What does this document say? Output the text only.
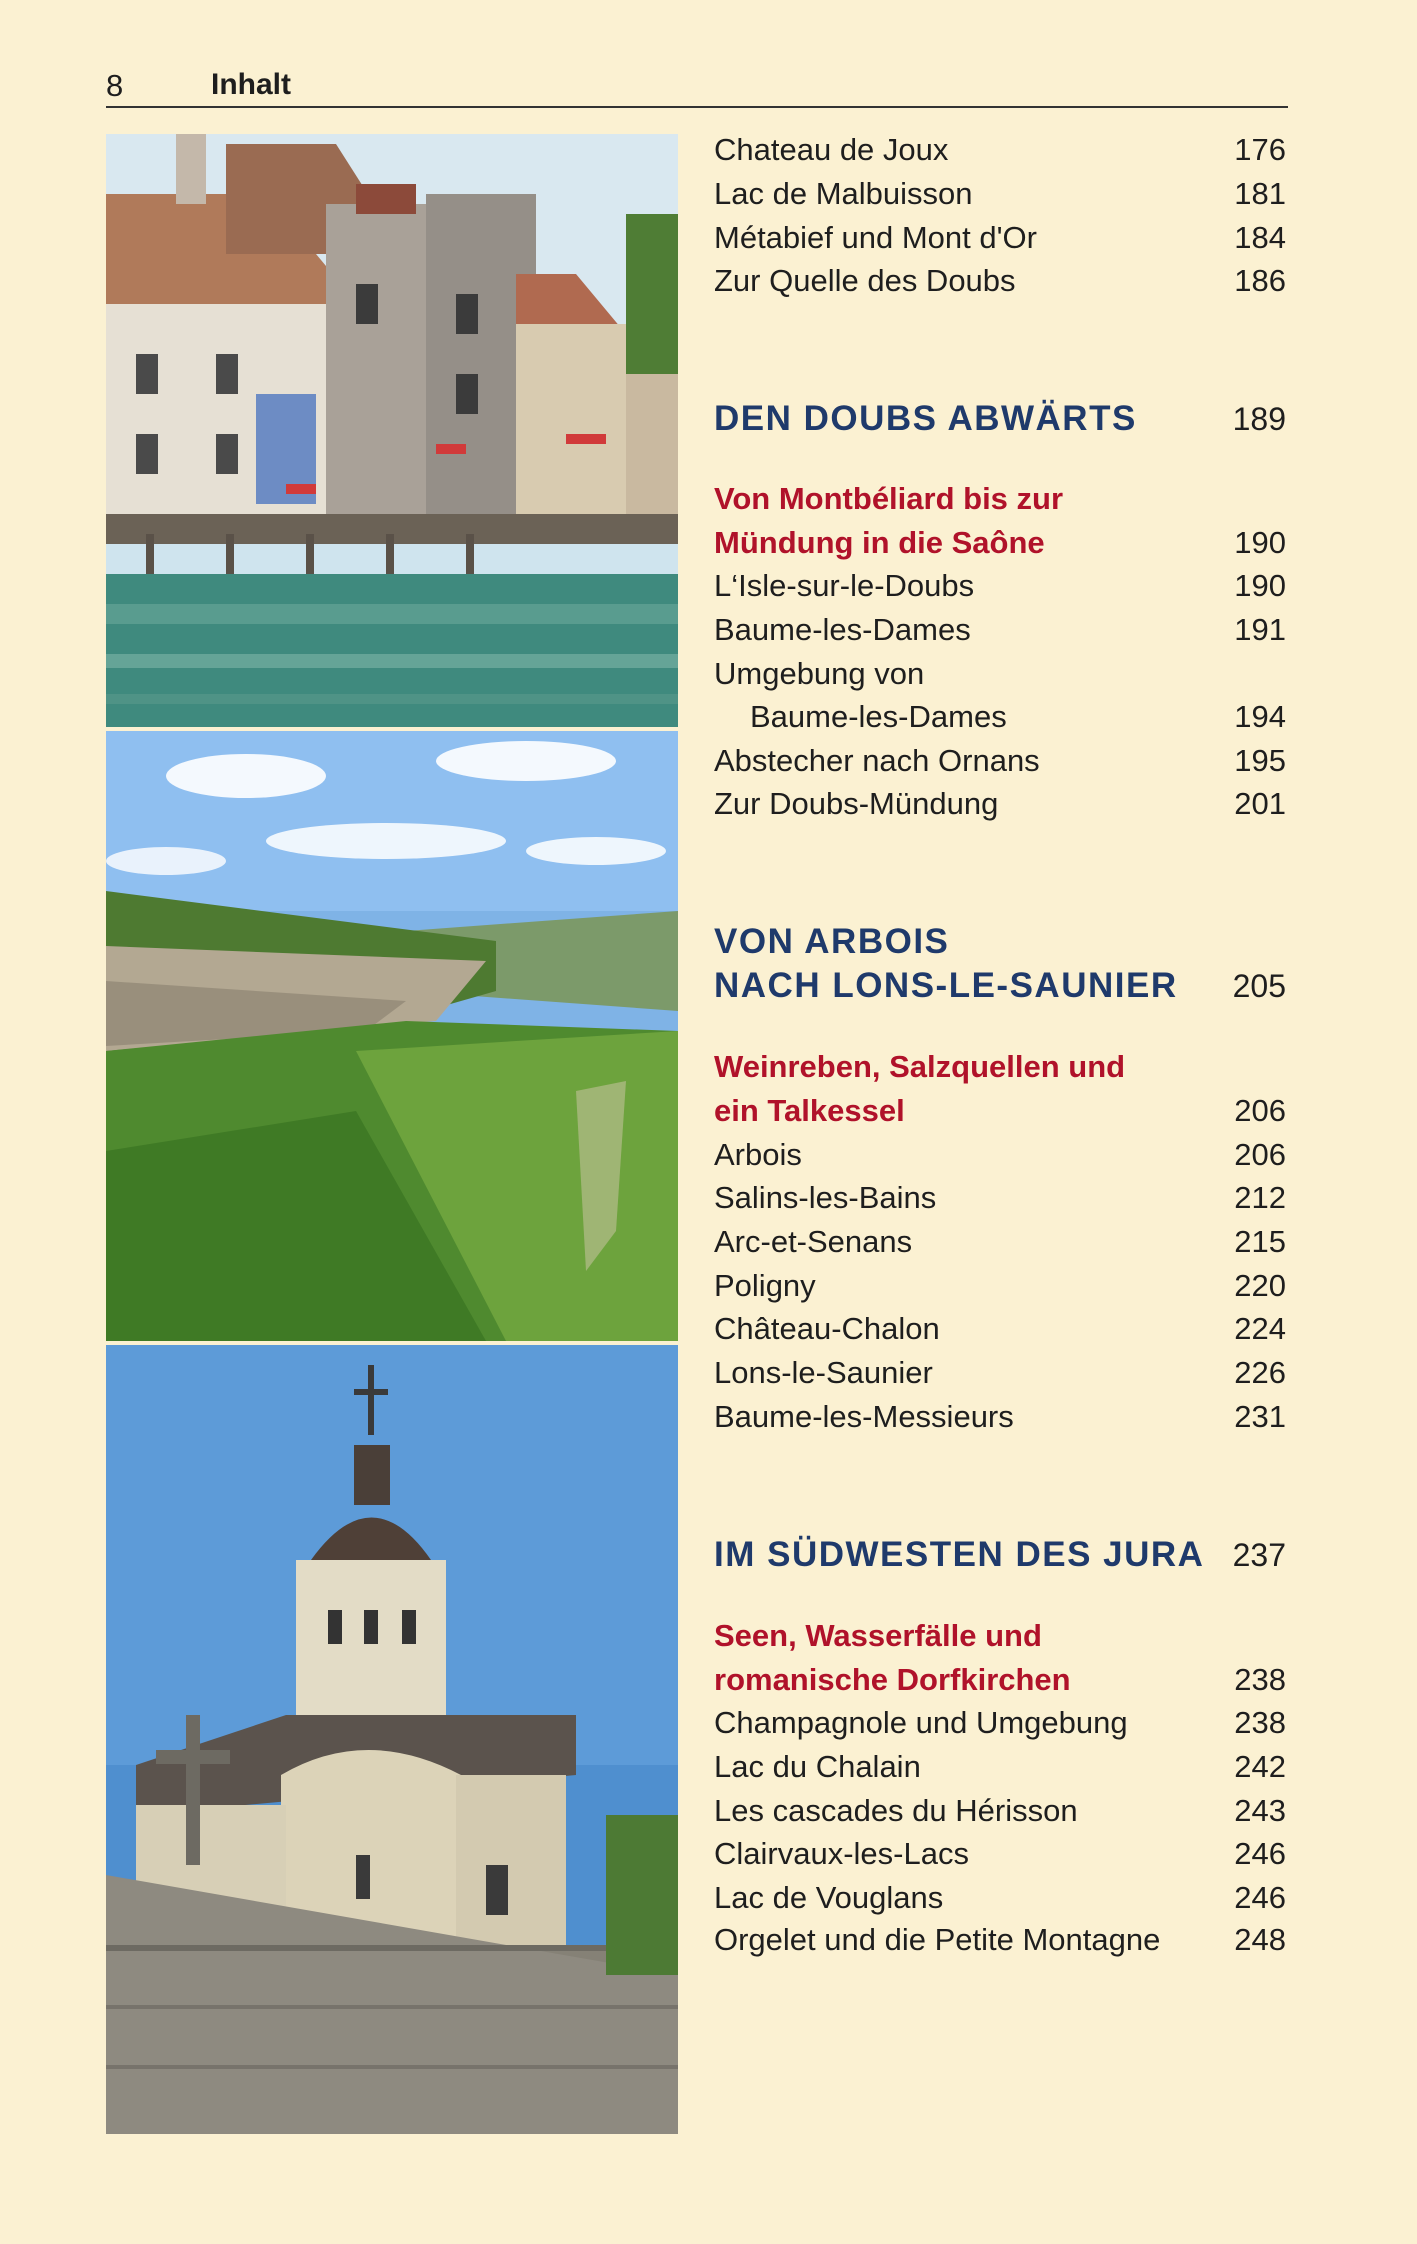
8	Inhalt
Chateau de Joux	176
Lac de Malbuisson	181
Métabief und Mont d'Or	184
Zur Quelle des Doubs	186
DEN DOUBS ABWÄRTS	189
Von Montbéliard bis zur
Mündung in die Saône	190
L‘Isle-sur-le-Doubs	190
Baume-les-Dames	191
Umgebung von
Baume-les-Dames	194
Abstecher nach Ornans	195
Zur Doubs-Mündung	201
VON ARBOIS
NACH LONS-LE-SAUNIER 205
Weinreben, Salzquellen und
ein Talkessel	206
Arbois	206
Salins-les-Bains	212
Arc-et-Senans	215
Poligny	220
Château-Chalon	224
Lons-le-Saunier	226
Baume-les-Messieurs	231
IM SÜDWESTEN DES JURA 237
Seen, Wasserfälle und
romanische Dorfkirchen	238
Champagnole und Umgebung	238
Lac du Chalain	242
Les cascades du Hérisson	243
Clairvaux-les-Lacs	246
Lac de Vouglans	246
Orgelet und die Petite Montagne 248
